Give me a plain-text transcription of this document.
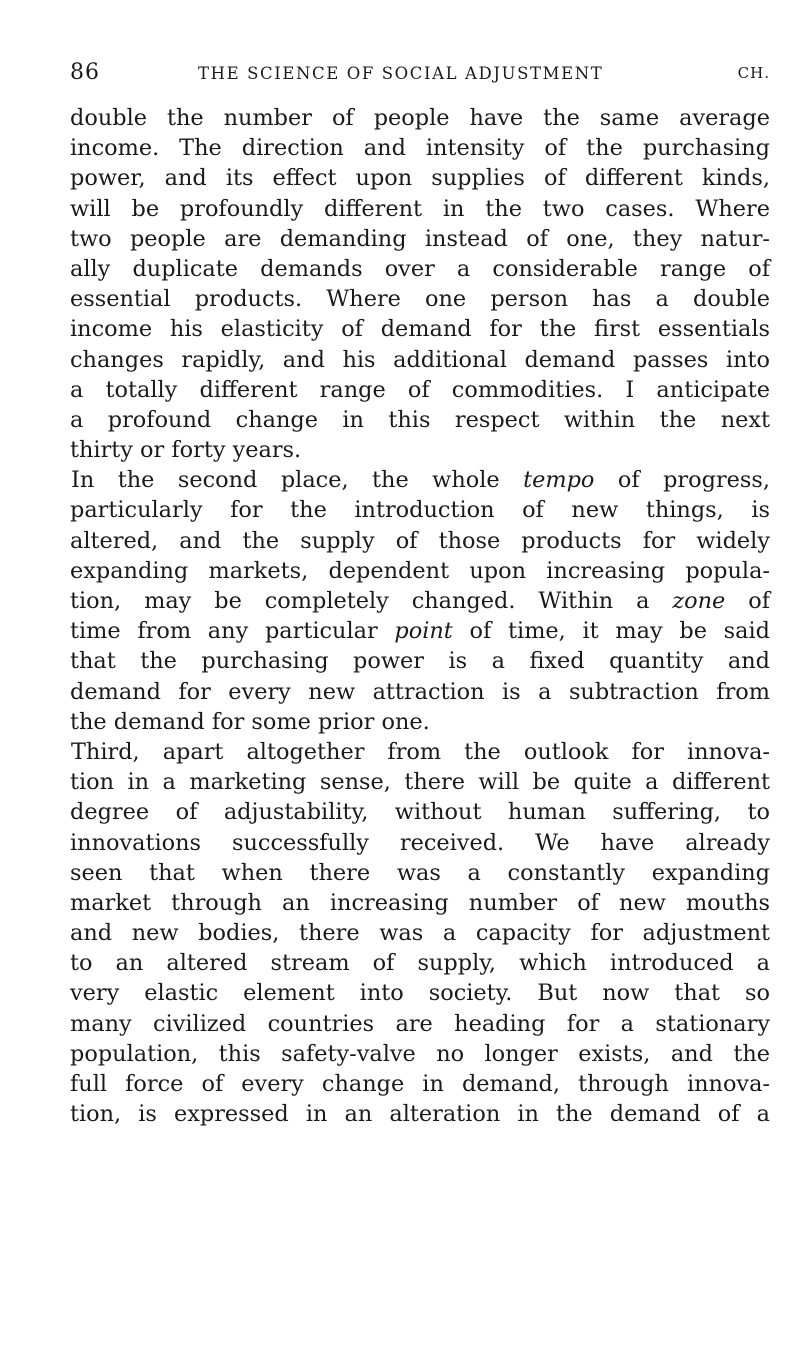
86	THE SCIENCE OF SOCIAL ADJUSTMENT	CH.
double the number of people have the same average
income. The direction and intensity of the purchasing
power, and its effect upon supplies of different kinds,
will be profoundly different in the two cases. Where
two people are demanding instead of one, they natur-
ally duplicate demands over a considerable range of
essential products. Where one person has a double
income his elasticity of demand for the first essentials
changes rapidly, and his additional demand passes into
a totally different range of commodities. I anticipate
a profound change in this respect within the next
thirty or forty years.
In the second place, the whole tempo of progress,
particularly for the introduction of new things, is
altered, and the supply of those products for widely
expanding markets, dependent upon increasing popula-
tion, may be completely changed. Within a zone of
time from any particular point of time, it may be said
that the purchasing power is a fixed quantity and
demand for every new attraction is a subtraction from
the demand for some prior one.
Third, apart altogether from the outlook for innova-
tion in a marketing sense, there will be quite a different
degree of adjustability, without human suffering, to
innovations successfully received. We have already
seen that when there was a constantly expanding
market through an increasing number of new mouths
and new bodies, there was a capacity for adjustment
to an altered stream of supply, which introduced a
very elastic element into society. But now that so
many civilized countries are heading for a stationary
population, this safety-valve no longer exists, and the
full force of every change in demand, through innova-
tion, is expressed in an alteration in the demand of a
